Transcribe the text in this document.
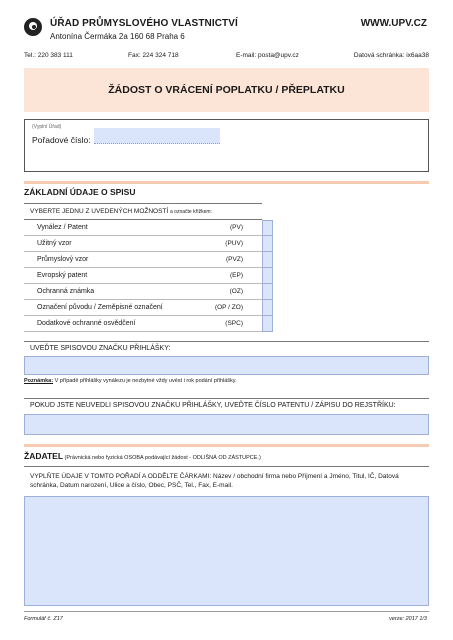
ÚŘAD PRŮMYSLOVÉHO VLASTNICTVÍ
Antonína Čermáka 2a 160 68 Praha 6
WWW.UPV.CZ
Tel.: 220 383 111	Fax: 224 324 718	E-mail: posta@upv.cz	Datová schránka: ix6aa38
ŽÁDOST O VRÁCENÍ POPLATKU / PŘEPLATKU
(Vyplní Úřad)
Pořadové číslo:
ZÁKLADNÍ ÚDAJE O SPISU
VYBERTE JEDNU Z UVEDENÝCH MOŽNOSTÍ a označte křížkem:
Vynález / Patent	(PV)
Užitný vzor	(PUV)
Průmyslový vzor	(PVZ)
Evropský patent	(EP)
Ochranná známka	(OZ)
Označení původu / Zeměpisné označení	(OP / ZO)
Dodatkové ochranné osvědčení	(SPC)
UVEĎTE SPISOVOU ZNAČKU PŘIHLÁŠKY:
Poznámka: V případě přihlášky vynálezu je nezbytné vždy uvést i rok podání přihlášky.
POKUD JSTE NEUVEDLI SPISOVOU ZNAČKU PŘIHLÁŠKY, UVEĎTE ČÍSLO PATENTU / ZÁPISU DO REJSTŘÍKU:
ŽADATEL (Právnická nebo fyzická OSOBA podávající žádost - ODLIŠNÁ OD ZÁSTUPCE.)
VYPLŇTE ÚDAJE V TOMTO POŘADÍ A ODDĚLTE ČÁRKAMI: Název / obchodní firma nebo Příjmení a Jméno, Titul, IČ, Datová schránka, Datum narození, Ulice a číslo, Obec, PSČ, Tel., Fax, E-mail.
Formulář č. Z17	verze: 2017 1/3
